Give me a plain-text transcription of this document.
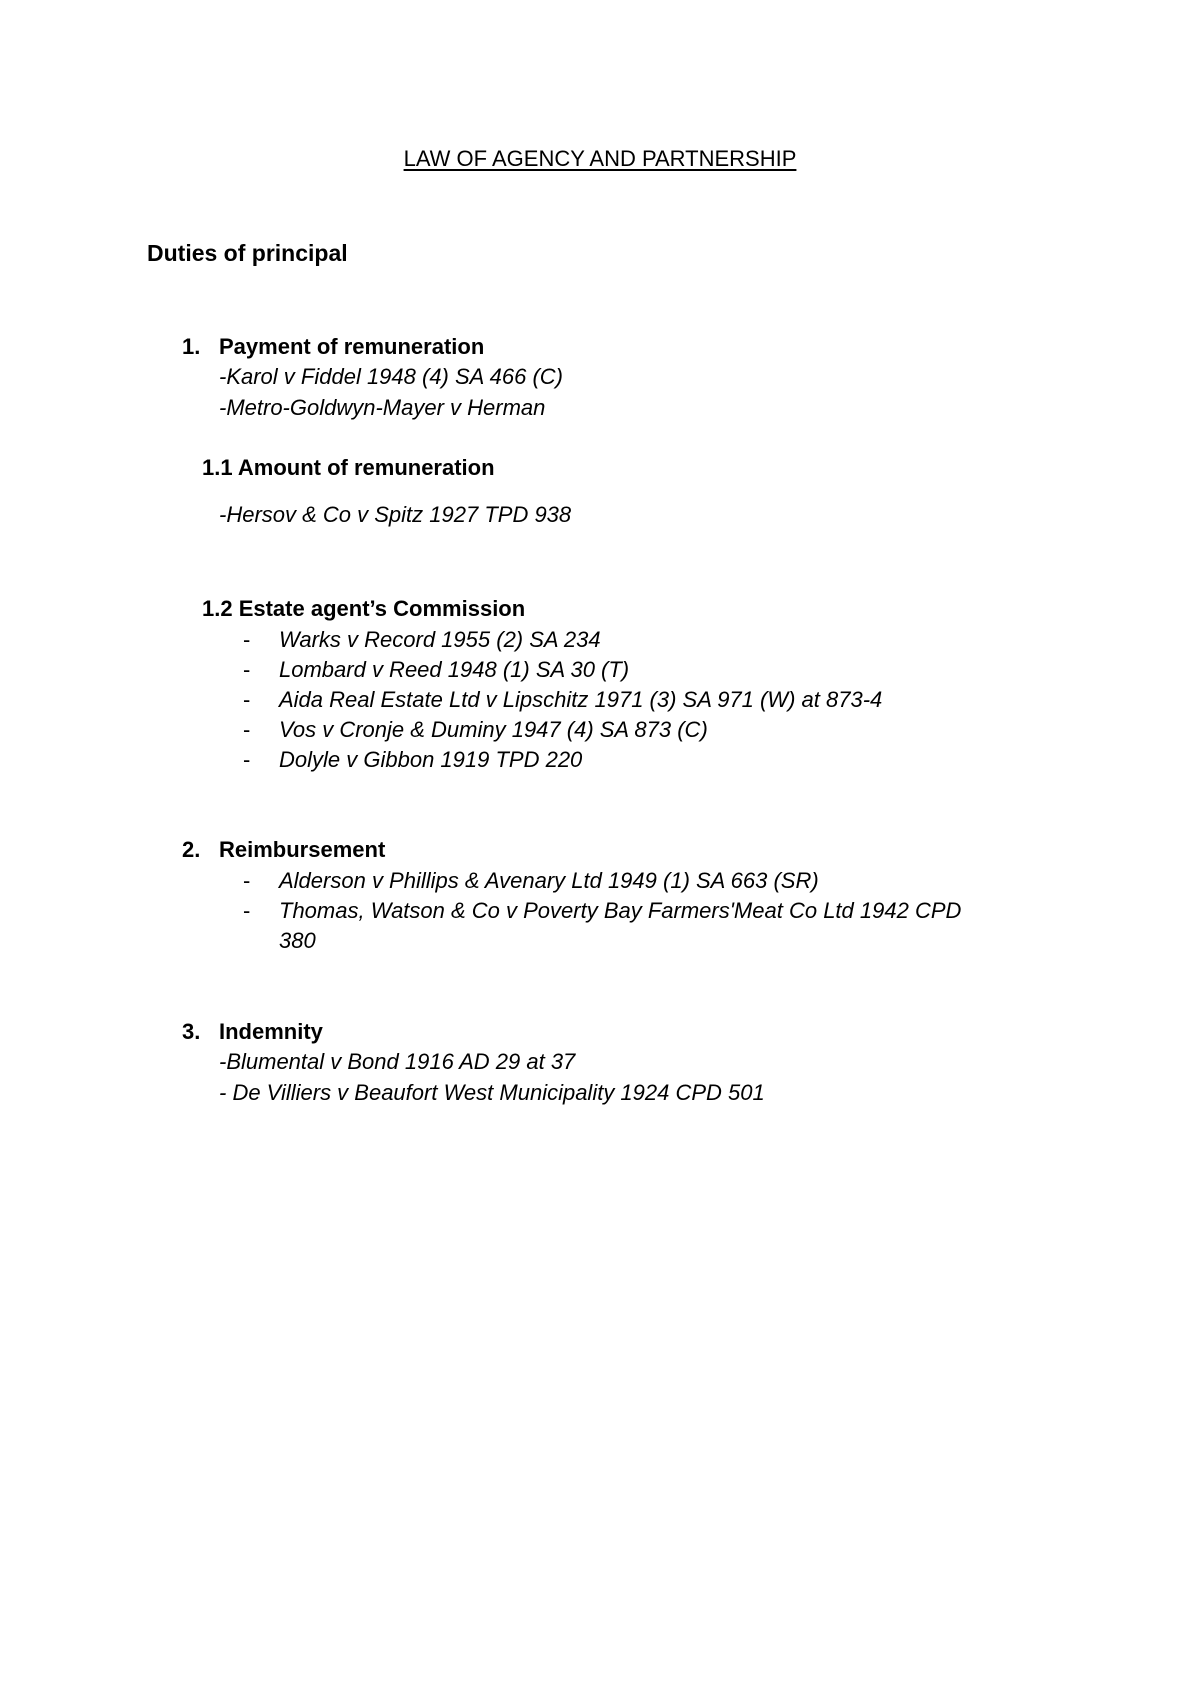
LAW OF AGENCY AND PARTNERSHIP
Duties of principal
1. Payment of remuneration
-Karol v Fiddel 1948 (4) SA 466 (C)
-Metro-Goldwyn-Mayer v Herman
1.1 Amount of remuneration
-Hersov & Co v Spitz 1927 TPD 938
1.2 Estate agent’s Commission
- Warks v Record 1955 (2) SA 234
- Lombard v Reed 1948 (1) SA 30 (T)
- Aida Real Estate Ltd v Lipschitz 1971 (3) SA 971 (W) at 873-4
- Vos v Cronje & Duminy 1947 (4) SA 873 (C)
- Dolyle v Gibbon 1919 TPD 220
2. Reimbursement
- Alderson v Phillips & Avenary Ltd 1949 (1) SA 663 (SR)
- Thomas, Watson & Co v Poverty Bay Farmers'Meat Co Ltd 1942 CPD
380
3. Indemnity
-Blumental v Bond 1916 AD 29 at 37
- De Villiers v Beaufort West Municipality 1924 CPD 501
